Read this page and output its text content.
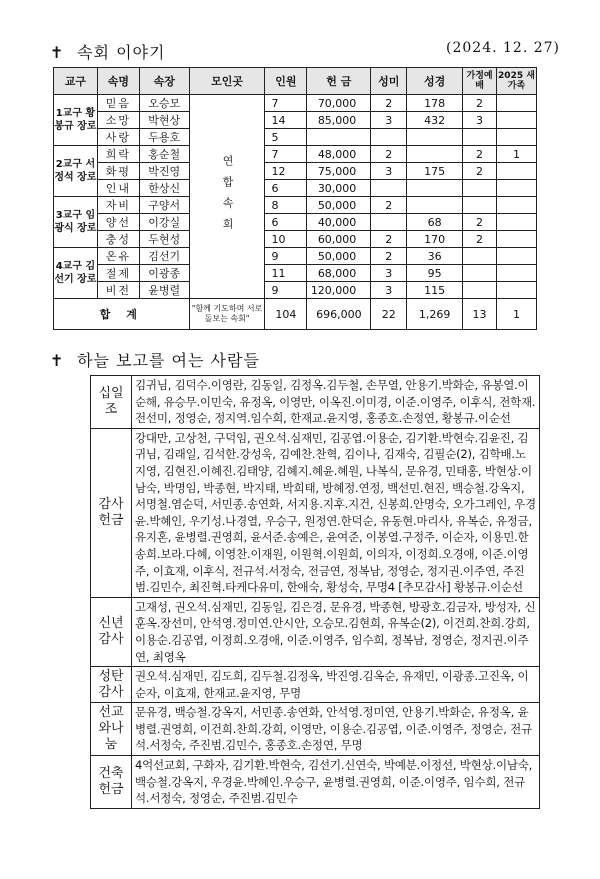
✝ 속회 이야기	(2024. 12. 27)
교구	속명	속장	모인곳	인원	헌 금	성미	성경	가정예배	2025 새가족
1교구 황봉규 장로	믿음	오승모	연합속회	7	70,000	2	178	2	
	소망	박현상		14	85,000	3	432	3	
	사랑	두용호		5					
2교구 서정석 장로	희락	홍순철		7	48,000	2		2	1
	화평	박진영		12	75,000	3	175	2	
	인내	한상신		6	30,000				
3교구 임광식 장로	자비	구양서		8	50,000	2			
	양선	이강실		6	40,000		68	2	
	충성	두현성		10	60,000	2	170	2	
4교구 김선기 장로	온유	김선기		9	50,000	2	36		
	절제	이광종		11	68,000	3	95		
	비전	윤병렬		9	120,000	3	115		
합 계			"함께 기도하며 서로 돌보는 속회"	104	696,000	22	1,269	13	1
✝ 하늘 보고를 여는 사람들
십일조	김귀님, 김덕수.이영란, 김동일, 김정옥.김두철, 손무열, 안용기.박화순, 유봉열.이순해, 유승무.이민숙, 유정옥, 이영만, 이옥진.이미경, 이준.이영주, 이후식, 전학재.전선미, 정영순, 정지역.임수희, 한재교.윤지영, 홍종호.손정연, 황봉규.이순선
감사헌금	강대만, 고상천, 구덕임, 권오석.심재민, 김공엽.이용순, 김기환.박현숙.김윤진, 김귀님, 김래일, 김석한.강성욱, 김예찬.찬혁, 김이나, 김재숙, 김필순(2), 김학배.노지영, 김현진.이혜진.김태양, 김혜지.혜윤.혜원, 나복식, 문유경, 민태홍, 박현상.이남숙, 박명임, 박종현, 박지태, 박희태, 방혜정.연정, 백선민.현진, 백승철.강옥지, 서명철.염순덕, 서민종.송연화, 서지용.지후.지건, 신봉희.안명숙, 오가그레인, 우경윤.박혜인, 우기성.나경열, 우승구, 원정연.한덕순, 유동현.마리사, 유복순, 유정금, 유지혼, 윤병렬.권영희, 윤서준.송예은, 윤여준, 이봉열.구정주, 이순자, 이용민.한송희.보라.다혜, 이영찬.이재원, 이원혁.이원희, 이의자, 이정희.오경애, 이준.이영주, 이효재, 이후식, 전규석.서정숙, 전금연, 정복남, 정영순, 정지권.이주연, 주진범.김민수, 최진혁.타케다유미, 한애숙, 황성숙, 무명4 [추모감사] 황봉규.이순선
신년감사	고재성, 권오석.심재민, 김동일, 김은경, 문유경, 박종현, 방광호.김금자, 방성자, 신훈옥.장선미, 안석영.정미연.안시안, 오승모.김현희, 유복순(2), 이건희.찬희.강희, 이용순.김공엽, 이정희.오경애, 이준.이영주, 임수희, 정복남, 정영순, 정지권.이주연, 최영옥
성탄감사	권오석.심재민, 김도희, 김두철.김정옥, 박진영.김옥순, 유재민, 이광종.고진옥, 이순자, 이효재, 한재교.윤지영, 무명
선교와나눔	문유경, 백승철.강옥지, 서민종.송연화, 안석영.정미연, 안용기.박화순, 유정옥, 윤병렬.권영희, 이건희.찬희.강희, 이영만, 이용순.김공엽, 이준.이영주, 정영순, 전규석.서정숙, 주진범.김민수, 홍종호.손정연, 무명
건축헌금	4억선교회, 구화자, 김기환.박현숙, 김선기.신연숙, 박예분.이정선, 박현상.이남숙, 백승철.강옥지, 우경윤.박혜인.우승구, 윤병렬.권영희, 이준.이영주, 임수희, 전규석.서정숙, 정영순, 주진범.김민수
